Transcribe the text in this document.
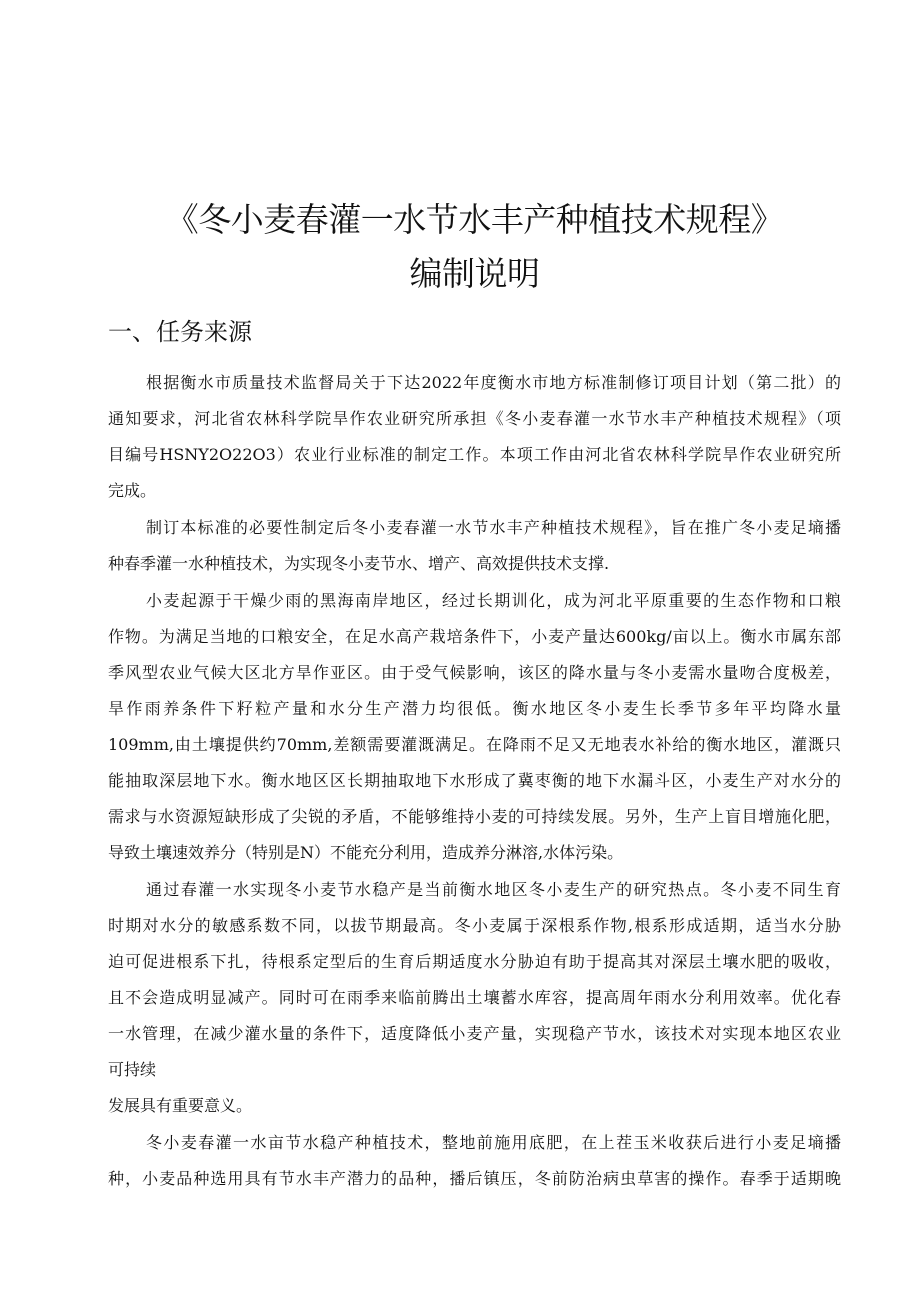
《冬小麦春灌一水节水丰产种植技术规程》
编制说明
一、任务来源
根据衡水市质量技术监督局关于下达2022年度衡水市地方标准制修订项目计划（第二批）的
通知要求，河北省农林科学院旱作农业研究所承担《冬小麦春灌一水节水丰产种植技术规程》（项
目编号HSNY2O22O3）农业行业标准的制定工作。本项工作由河北省农林科学院旱作农业研究所
完成。
制订本标准的必要性制定后冬小麦春灌一水节水丰产种植技术规程》，旨在推广冬小麦足墒播
种春季灌一水种植技术，为实现冬小麦节水、增产、高效提供技术支撑.
小麦起源于干燥少雨的黑海南岸地区，经过长期训化，成为河北平原重要的生态作物和口粮
作物。为满足当地的口粮安全，在足水高产栽培条件下，小麦产量达600kg/亩以上。衡水市属东部
季风型农业气候大区北方旱作亚区。由于受气候影响，该区的降水量与冬小麦需水量吻合度极差，
旱作雨养条件下籽粒产量和水分生产潜力均很低。衡水地区冬小麦生长季节多年平均降水量
109mm,由土壤提供约70mm,差额需要灌溉满足。在降雨不足又无地表水补给的衡水地区，灌溉只
能抽取深层地下水。衡水地区区长期抽取地下水形成了冀枣衡的地下水漏斗区，小麦生产对水分的
需求与水资源短缺形成了尖锐的矛盾，不能够维持小麦的可持续发展。另外，生产上盲目增施化肥，
导致土壤速效养分（特别是N）不能充分利用，造成养分淋溶,水体污染。
通过春灌一水实现冬小麦节水稳产是当前衡水地区冬小麦生产的研究热点。冬小麦不同生育
时期对水分的敏感系数不同，以拔节期最高。冬小麦属于深根系作物,根系形成适期，适当水分胁
迫可促进根系下扎，待根系定型后的生育后期适度水分胁迫有助于提高其对深层土壤水肥的吸收，
且不会造成明显减产。同时可在雨季来临前腾出土壤蓄水库容，提高周年雨水分利用效率。优化春
一水管理，在减少灌水量的条件下，适度降低小麦产量，实现稳产节水，该技术对实现本地区农业
可持续
发展具有重要意义。
冬小麦春灌一水亩节水稳产种植技术，整地前施用底肥，在上茬玉米收获后进行小麦足墒播
种，小麦品种选用具有节水丰产潜力的品种，播后镇压，冬前防治病虫草害的操作。春季于适期晚
